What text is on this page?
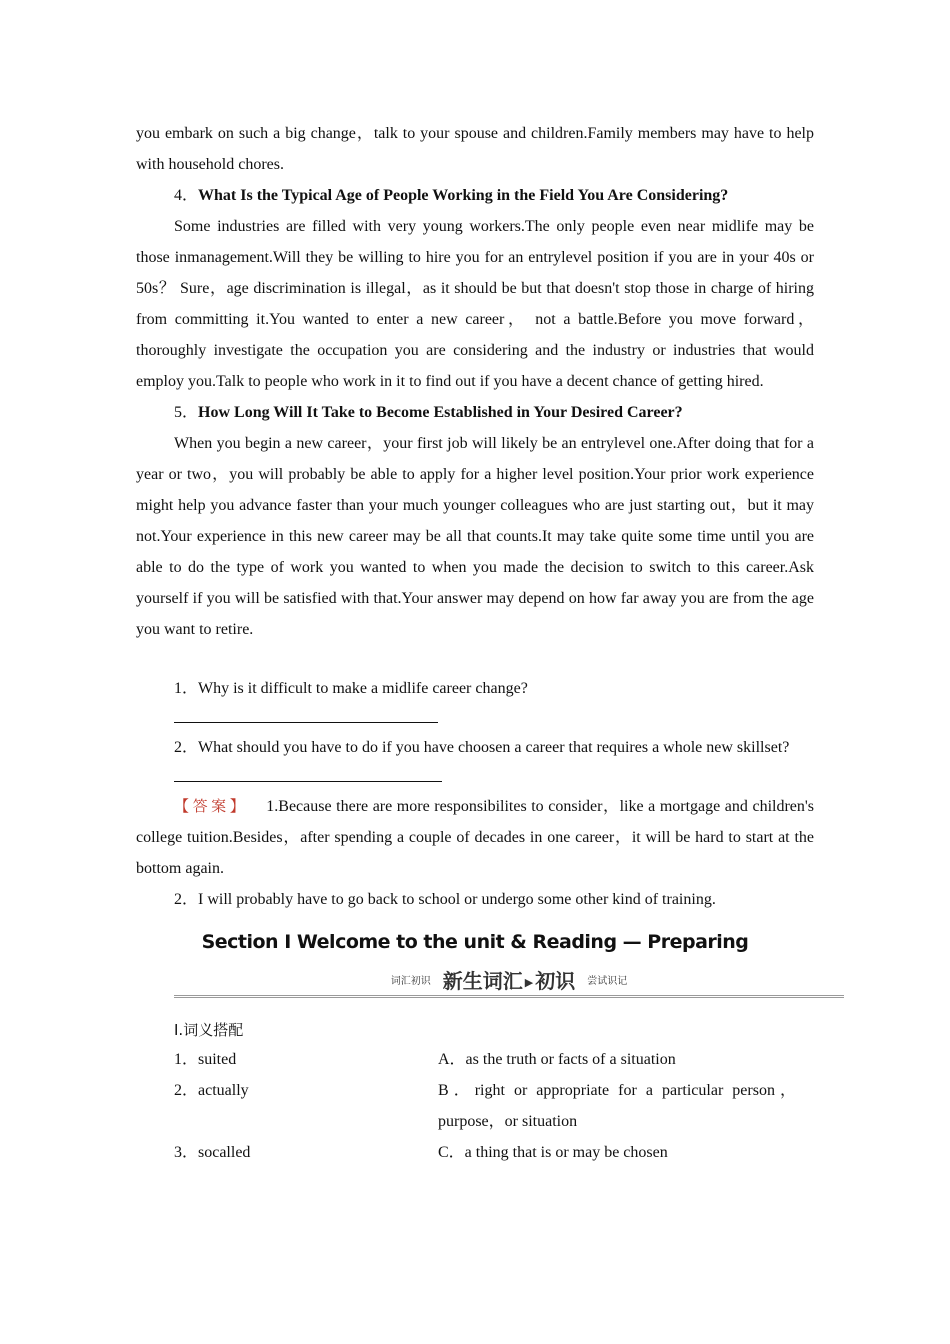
you embark on such a big change，talk to your spouse and children.Family members may have to help with household chores.

4．What Is the Typical Age of People Working in the Field You Are Considering?

Some industries are filled with very young workers.The only people even near midlife may be those inmanagement.Will they be willing to hire you for an entrylevel position if you are in your 40s or 50s？ Sure，age discrimination is illegal，as it should be but that doesn't stop those in charge of hiring from committing it.You wanted to enter a new career， not a battle.Before you move forward，thoroughly investigate the occupation you are considering and the industry or industries that would employ you.Talk to people who work in it to find out if you have a decent chance of getting hired.

5．How Long Will It Take to Become Established in Your Desired Career?

When you begin a new career，your first job will likely be an entrylevel one.After doing that for a year or two，you will probably be able to apply for a higher level position.Your prior work experience might help you advance faster than your much younger colleagues who are just starting out，but it may not.Your experience in this new career may be all that counts.It may take quite some time until you are able to do the type of work you wanted to when you made the decision to switch to this career.Ask yourself if you will be satisfied with that.Your answer may depend on how far away you are from the age you want to retire.

1．Why is it difficult to make a midlife career change?

2．What should you have to do if you have choosen a career that requires a whole new skillset?

【答案】 1.Because there are more responsibilites to consider，like a mortgage and children's college tuition.Besides，after spending a couple of decades in one career，it will be hard to start at the bottom again.

2．I will probably have to go back to school or undergo some other kind of training.

Section Ⅰ Welcome to the unit & Reading — Preparing
词汇初识 新生词汇 ▶ 初识 尝试识记
Ⅰ.词义搭配
1．suited	A．as the truth or facts of a situation
2．actually	B．right or appropriate for a particular person，purpose，or situation
3．socalled	C．a thing that is or may be chosen
